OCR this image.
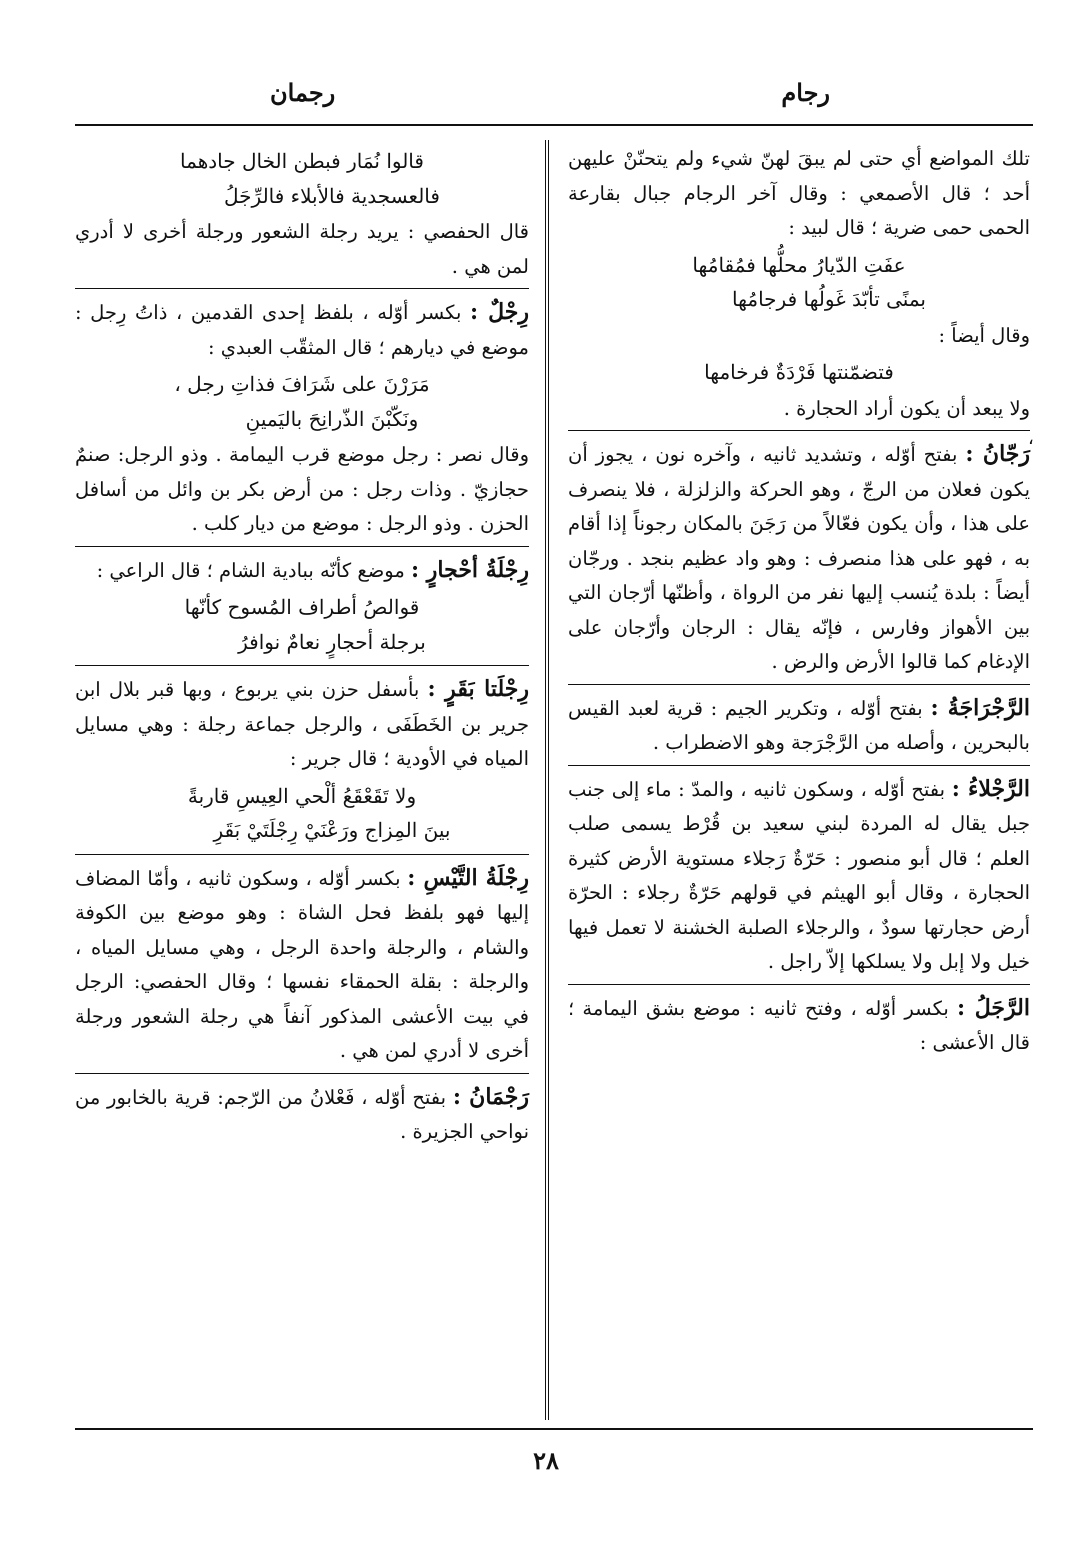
رجام
رجمان

تلك المواضع أي حتى لم يبقَ لهنّ شيء ولم يتحنّنْ عليهن أحد ؛ قال الأصمعي : وقال آخر الرجام جبال بقارعة الحمى حمى ضرية ؛ قال لبيد :

عفَتِ الدّيارُ محلُّها فمُقامُها
بمنًى تأبّدَ غَولُها فرجامُها

وقال أيضاً :

فتضمّنتها فَرْدَةٌ فرخامها

ولا يبعد أن يكون أراد الحجارة .

رَجّانُ : بفتح أوّله ، وتشديد ثانيه ، وآخره نون ، يجوز أن يكون فعلان من الرجّ ، وهو الحركة والزلزلة ، فلا ينصرف على هذا ، وأن يكون فعّالاً من رَجَنَ بالمكان رجوناً إذا أقام به ، فهو على هذا منصرف : وهو واد عظيم بنجد . ورجّان أيضاً : بلدة يُنسب إليها نفر من الرواة ، وأظنّها أرّجان التي بين الأهواز وفارس ، فإنّه يقال : الرجان وأرّجان على الإدغام كما قالوا الأرض والرض .

الرَّجْرَاجَةُ : بفتح أوّله ، وتكرير الجيم : قرية لعبد القيس بالبحرين ، وأصله من الرَّجْرَجة وهو الاضطراب .

الرَّجْلاءُ : بفتح أوّله ، وسكون ثانيه ، والمدّ : ماء إلى جنب جبل يقال له المردة لبني سعيد بن قُرْط يسمى صلب العلم ؛ قال أبو منصور : حَرّةٌ رَجلاء مستوية الأرض كثيرة الحجارة ، وقال أبو الهيثم في قولهم حَرّةٌ رجلاء : الحرّة أرض حجارتها سودٌ ، والرجلاء الصلبة الخشنة لا تعمل فيها خيل ولا إبل ولا يسلكها إلاّ راجل .

الرَّجَلُ : بكسر أوّله ، وفتح ثانيه : موضع بشق اليمامة ؛ قال الأعشى :

قالوا نُمَار فبطن الخال جادهما
فالعسجدية فالأبلاء فالرِّجَلُ

قال الحفصي : يريد رجلة الشعور ورجلة أخرى لا أدري لمن هي .

رِجْلٌ : بكسر أوّله ، بلفظ إحدى القدمين ، ذاتُ رِجل : موضع في ديارهم ؛ قال المثقّب العبدي :

مَرَرْنَ على شَرَافَ فذاتِ رجل ،
ونَكّبْنَ الذّرانِحَ باليَمينِ

وقال نصر : رجل موضع قرب اليمامة . وذو الرجل: صنمٌ حجازيّ . وذات رجل : من أرض بكر بن وائل من أسافل الحزن . وذو الرجل : موضع من ديار كلب .

رِجْلَةُ أحْجارٍ : موضع كأنّه ببادية الشام ؛ قال الراعي :

قوالصُ أطراف المُسوح كأنّها
برجلة أحجارٍ نعامٌ نوافرُ

رِجْلَتا بَقَرٍ : بأسفل حزن بني يربوع ، وبها قبر بلال ابن جرير بن الخَطَفَى ، والرجل جماعة رجلة : وهي مسايل المياه في الأودية ؛ قال جرير :

ولا تَقَعْقَعُ ألْحي العِيسِ قاربةً
بينَ المِزاج ورَعْنَيْ رِجْلَتَيْ بَقَرِ

رِجْلَةُ التَّيْسِ : بكسر أوّله ، وسكون ثانيه ، وأمّا المضاف إليها فهو بلفظ فحل الشاة : وهو موضع بين الكوفة والشام ، والرجلة واحدة الرجل ، وهي مسايل المياه ، والرجلة : بقلة الحمقاء نفسها ؛ وقال الحفصي: الرجل في بيت الأعشى المذكور آنفاً هي رجلة الشعور ورجلة أخرى لا أدري لمن هي .

رَجْمَانُ : بفتح أوّله ، فَعْلانُ من الرّجم: قرية بالخابور من نواحي الجزيرة .

٢٨
،
